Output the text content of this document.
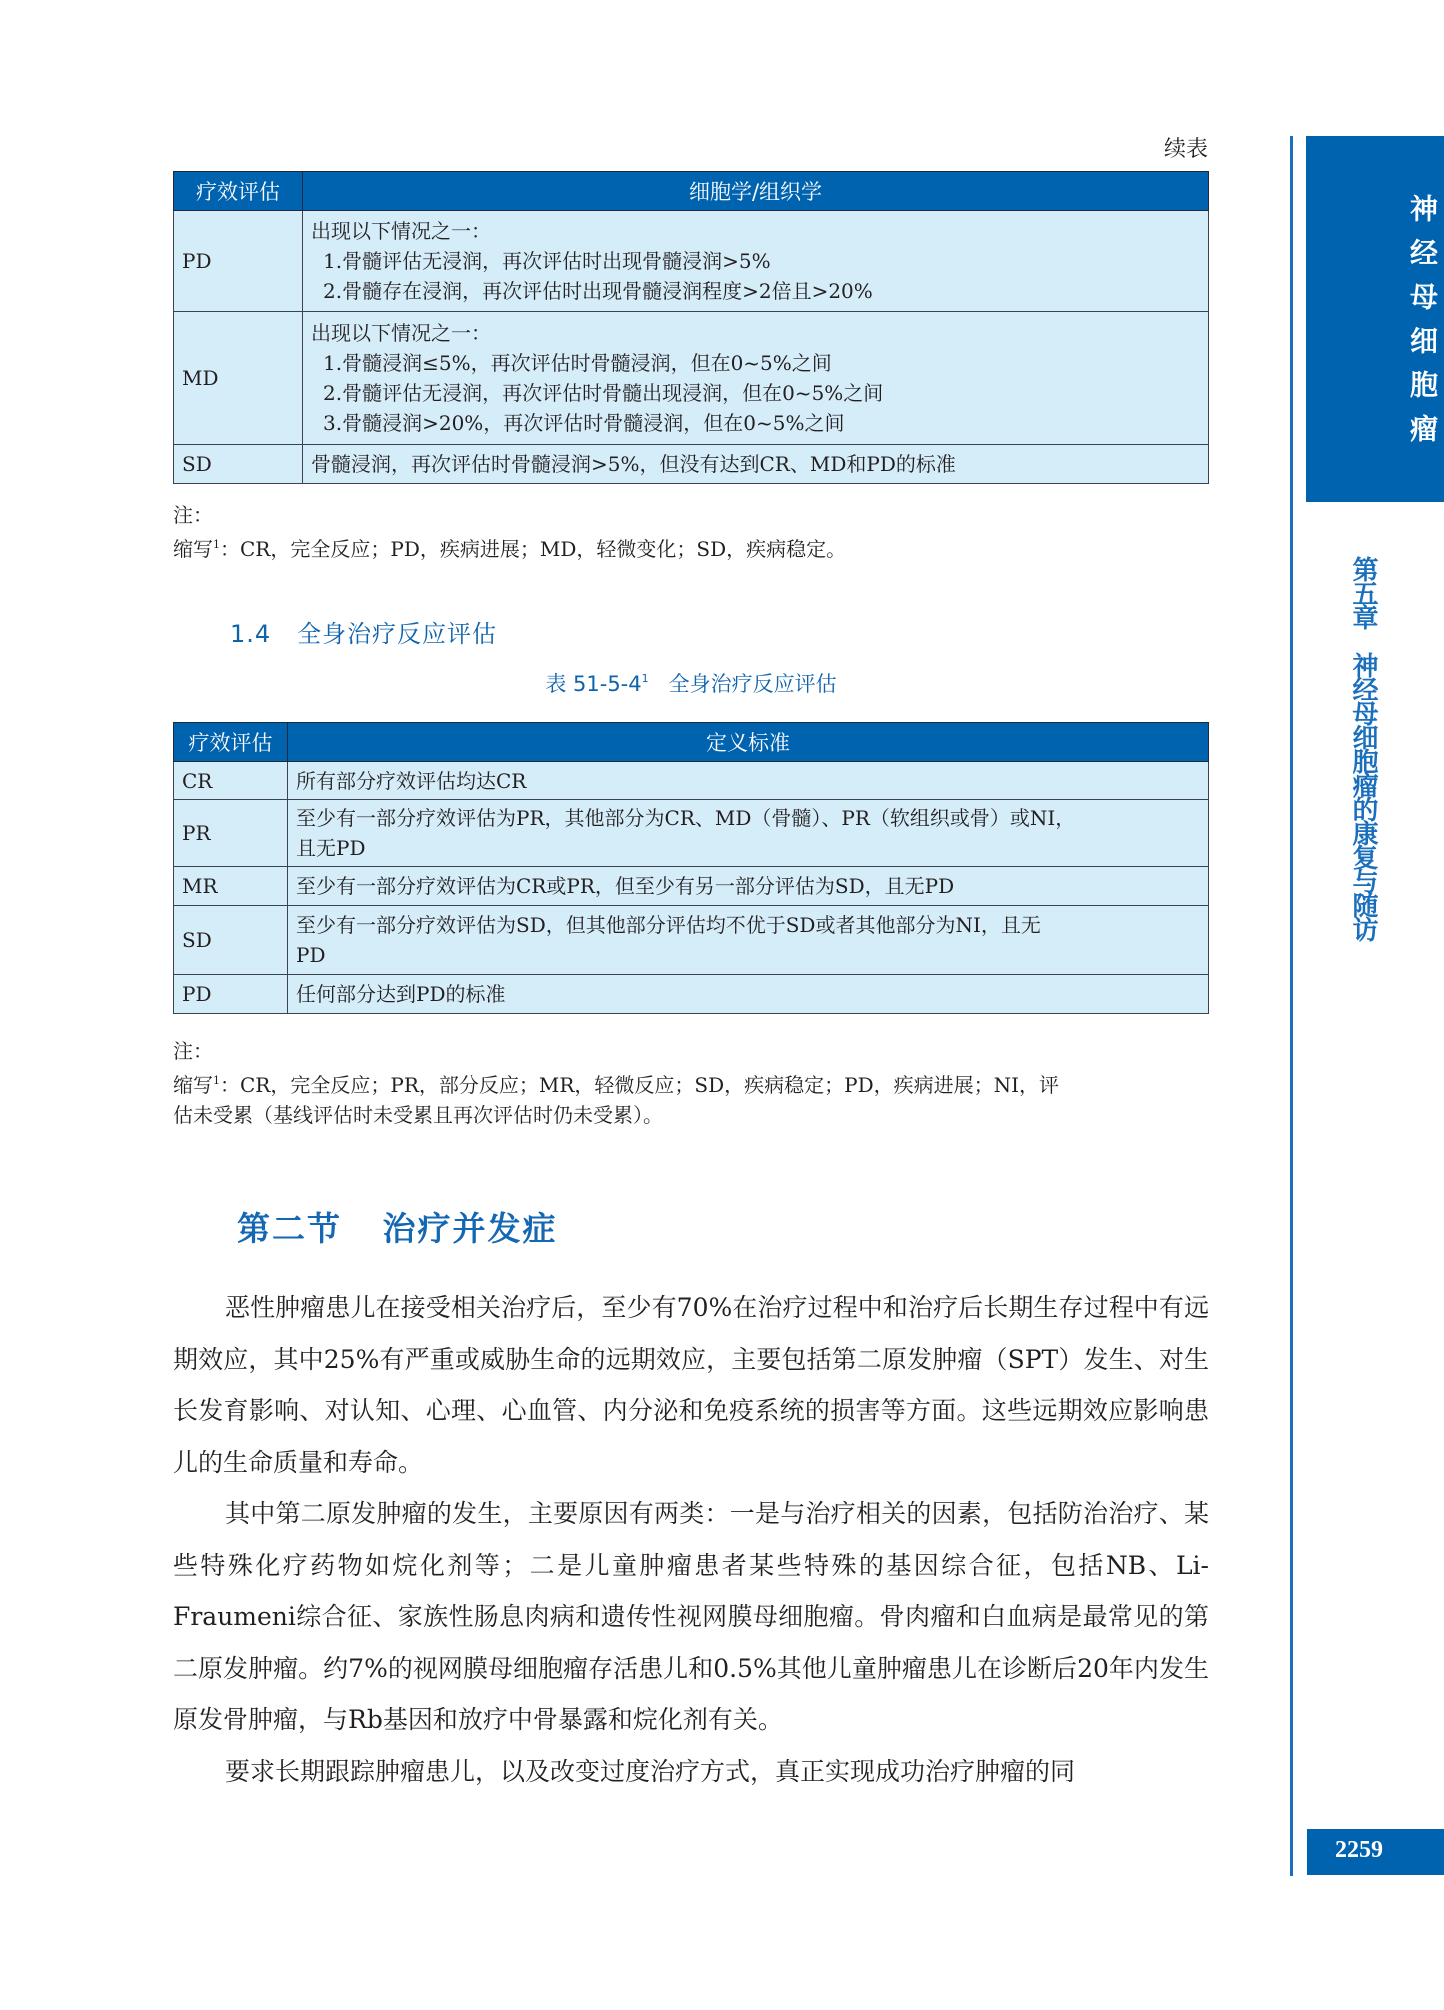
续表
疗效评估	细胞学/组织学
PD	出现以下情况之一：
1.骨髓评估无浸润，再次评估时出现骨髓浸润>5%
2.骨髓存在浸润，再次评估时出现骨髓浸润程度>2倍且>20%

MD	出现以下情况之一：
1.骨髓浸润≤5%，再次评估时骨髓浸润，但在0~5%之间
2.骨髓评估无浸润，再次评估时骨髓出现浸润，但在0~5%之间
3.骨髓浸润>20%，再次评估时骨髓浸润，但在0~5%之间

SD	骨髓浸润，再次评估时骨髓浸润>5%，但没有达到CR、MD和PD的标准
注：
缩写$^1$：CR，完全反应；PD，疾病进展；MD，轻微变化；SD，疾病稳定。
1.4 全身治疗反应评估
表 $51-5-4^1$ 全身治疗反应评估
疗效评估	定义标准
CR	所有部分疗效评估均达CR

PR	至少有一部分疗效评估为PR，其他部分为CR、MD（骨髓）、PR（软组织或骨）或NI，
且无PD

MR	至少有一部分疗效评估为CR或PR，但至少有另一部分评估为SD，且无PD

SD	至少有一部分疗效评估为SD，但其他部分评估均不优于SD或者其他部分为NI，且无
PD

PD	任何部分达到PD的标准
注：
缩写$^1$：CR，完全反应；PR，部分反应；MR，轻微反应；SD，疾病稳定；PD，疾病进展；NI，评
估未受累（基线评估时未受累且再次评估时仍未受累）。
第二节 治疗并发症

恶性肿瘤患儿在接受相关治疗后，至少有70%在治疗过程中和治疗后长期生存过程中有远期效应，其中25%有严重或威胁生命的远期效应，主要包括第二原发肿瘤（SPT）发生、对生长发育影响、对认知、心理、心血管、内分泌和免疫系统的损害等方面。这些远期效应影响患儿的生命质量和寿命。

其中第二原发肿瘤的发生，主要原因有两类：一是与治疗相关的因素，包括防治治疗、某些特殊化疗药物如烷化剂等；二是儿童肿瘤患者某些特殊的基因综合征，包括NB、Li-Fraumeni综合征、家族性肠息肉病和遗传性视网膜母细胞瘤。骨肉瘤和白血病是最常见的第二原发肿瘤。约7%的视网膜母细胞瘤存活患儿和0.5%其他儿童肿瘤患儿在诊断后20年内发生原发骨肿瘤，与Rb基因和放疗中骨暴露和烷化剂有关。

要求长期跟踪肿瘤患儿，以及改变过度治疗方式，真正实现成功治疗肿瘤的同

神经母细胞瘤
第五章　神经母细胞瘤的康复与随访
2259
